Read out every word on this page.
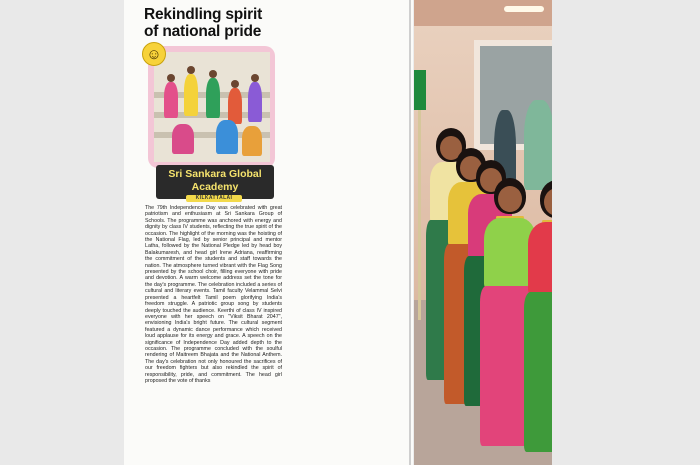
Rekindling spirit of national pride
☺
Sri Sankara Global Academy
KILKATTALAI
The 79th Independence Day was celebrated with great patriotism and enthusiasm at Sri Sankara Group of Schools. The programme was anchored with energy and dignity by class IV students, reflecting the true spirit of the occasion. The highlight of the morning was the hoisting of the National Flag, led by senior principal and mentor Latha, followed by the National Pledge led by head boy Balakumaresh, and head girl Irene Adriana, reaffirming the commitment of the students and staff towards the nation. The atmosphere turned vibrant with the Flag Song presented by the school choir, filling everyone with pride and devotion. A warm welcome address set the tone for the day's programme. The celebration included a series of cultural and literary events. Tamil faculty Velammal Selvi presented a heartfelt Tamil poem glorifying India's freedom struggle. A patriotic group song by students deeply touched the audience. Keerthi of class IV inspired everyone with her speech on "Viksit Bharat 2047", envisioning India's bright future. The cultural segment featured a dynamic dance performance which received loud applause for its energy and grace. A speech on the significance of Independence Day added depth to the occasion. The programme concluded with the soulful rendering of Maitreem Bhajata and the National Anthem. The day's celebration not only honoured the sacrifices of our freedom fighters but also rekindled the spirit of responsibility, pride, and commitment. The head girl proposed the vote of thanks
